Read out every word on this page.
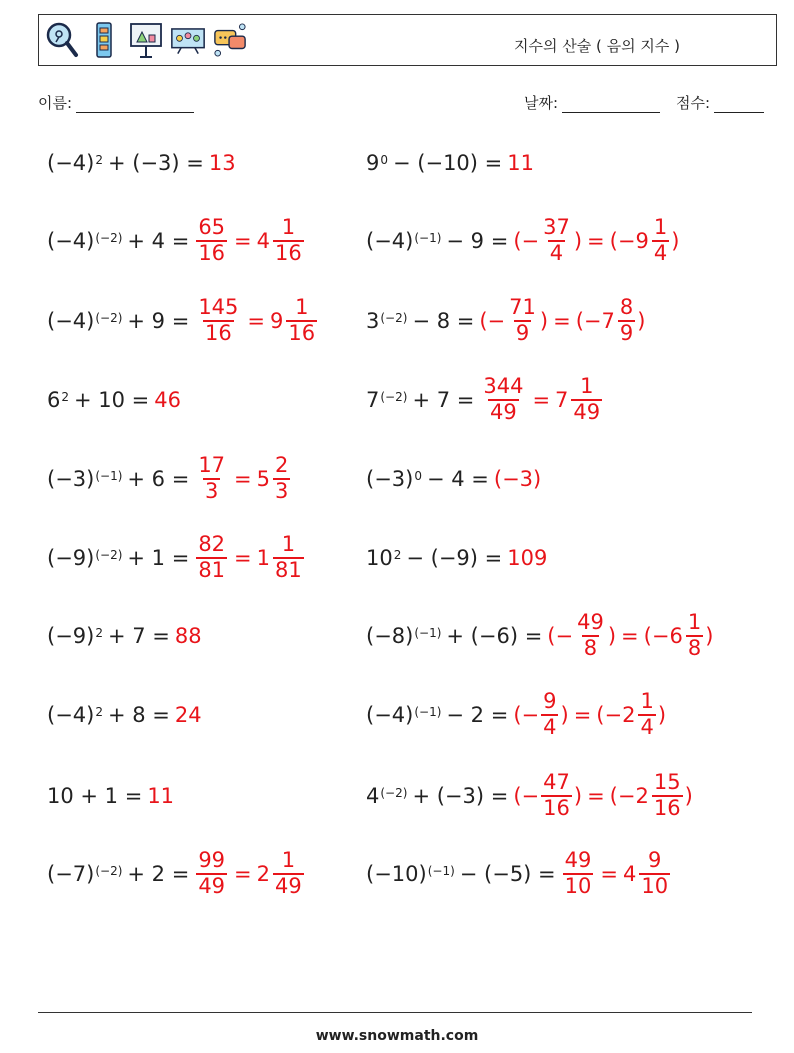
지수의 산술 ( 음의 지수 )
이름:	날짜:	점수:
$(-4)^2 + (-3) = 13$
$(-4)^{(-2)} + 4 = \frac{65}{16} = 4 \frac{1}{16}$
$(-4)^{(-2)} + 9 = \frac{145}{16} = 9 \frac{1}{16}$
$6^2 + 10 = 46$
$(-3)^{(-1)} + 6 = \frac{17}{3} = 5 \frac{2}{3}$
$(-9)^{(-2)} + 1 = \frac{82}{81} = 1 \frac{1}{81}$
$(-9)^2 + 7 = 88$
$(-4)^2 + 8 = 24$
10 + 1 = 11
$(-7)^{(-2)} + 2 = \frac{99}{49} = 2 \frac{1}{49}$
$9^0 - (-10) = 11$
$(-4)^{(-1)} - 9$ = (− $\frac{37}{4}$ ) = ( $-9 \frac{1}{4}$ )
$3^{(-2)} - 8$ = (− $\frac{71}{9}$ ) = ( $-7 \frac{8}{9}$ )
$7^{(-2)} + 7 = \frac{344}{49} = 7 \frac{1}{49}$
$(-3)^0 - 4 = (-3)$
$10^2 - (-9) = 109$
$(-8)^{(-1)} + (-6)$ = (− $\frac{49}{8}$ ) = ( $-6 \frac{1}{8}$ )
$(-4)^{(-1)} - 2$ = (− $\frac{9}{4}$ ) = ( $-2 \frac{1}{4}$ )
$4^{(-2)} + (-3)$ = (− $\frac{47}{16}$ ) = ( $-2 \frac{15}{16}$ )
$(-10)^{(-1)} - (-5) = \frac{49}{10} = 4 \frac{9}{10}$
www.snowmath.com
